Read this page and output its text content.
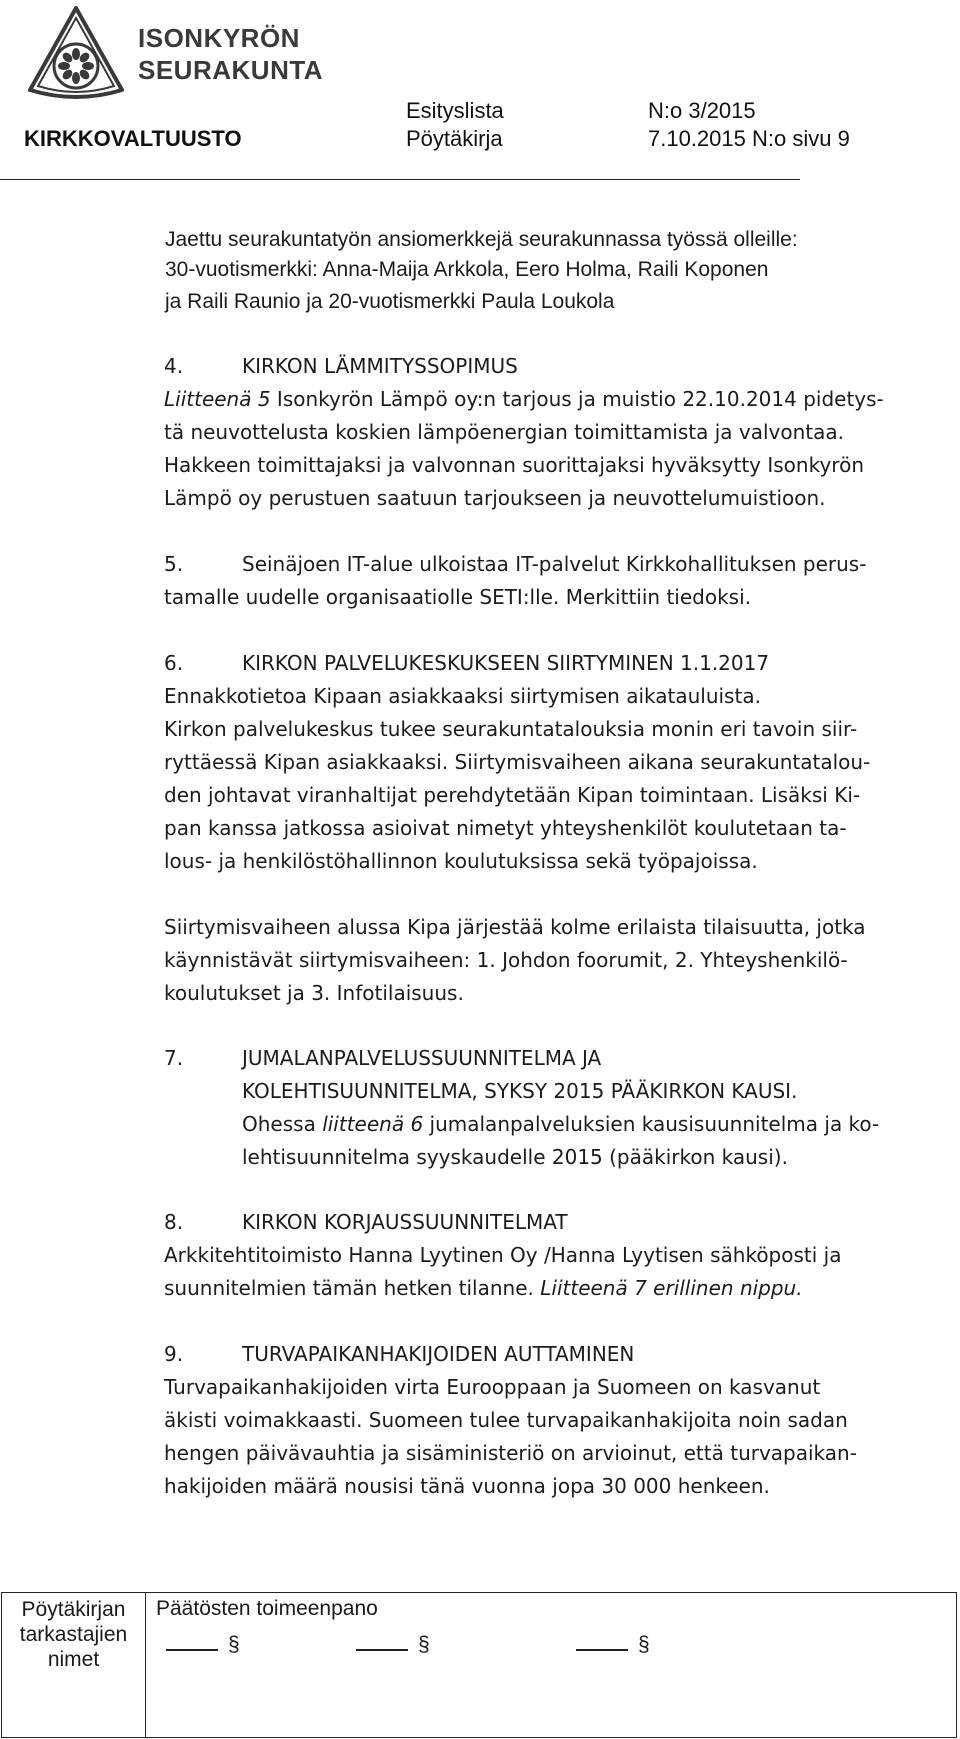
ISONKYRÖN
SEURAKUNTA
Esityslista	N:o 3/2015
KIRKKOVALTUUSTO	Pöytäkirja	7.10.2015 N:o sivu 9
Jaettu seurakuntatyön ansiomerkkejä seurakunnassa työssä olleille:
30-vuotismerkki: Anna-Maija Arkkola, Eero Holma, Raili Koponen
ja Raili Raunio ja 20-vuotismerkki Paula Loukola
4.	KIRKON LÄMMITYSSOPIMUS
Liitteenä 5 Isonkyrön Lämpö oy:n tarjous ja muistio 22.10.2014 pidetys-
tä neuvottelusta koskien lämpöenergian toimittamista ja valvontaa.
Hakkeen toimittajaksi ja valvonnan suorittajaksi hyväksytty Isonkyrön
Lämpö oy perustuen saatuun tarjoukseen ja neuvottelumuistioon.
5.	Seinäjoen IT-alue ulkoistaa IT-palvelut Kirkkohallituksen perus-
tamalle uudelle organisaatiolle SETI:lle. Merkittiin tiedoksi.
6.	KIRKON PALVELUKESKUKSEEN SIIRTYMINEN 1.1.2017
Ennakkotietoa Kipaan asiakkaaksi siirtymisen aikatauluista.
Kirkon palvelukeskus tukee seurakuntatalouksia monin eri tavoin siir-
ryttäessä Kipan asiakkaaksi. Siirtymisvaiheen aikana seurakuntatalou-
den johtavat viranhaltijat perehdytetään Kipan toimintaan. Lisäksi Ki-
pan kanssa jatkossa asioivat nimetyt yhteyshenkilöt koulutetaan ta-
lous- ja henkilöstöhallinnon koulutuksissa sekä työpajoissa.
Siirtymisvaiheen alussa Kipa järjestää kolme erilaista tilaisuutta, jotka
käynnistävät siirtymisvaiheen: 1. Johdon foorumit, 2. Yhteyshenkilö-
koulutukset ja 3. Infotilaisuus.
7.	JUMALANPALVELUSSUUNNITELMA JA
KOLEHTISUUNNITELMA, SYKSY 2015 PÄÄKIRKON KAUSI.
Ohessa liitteenä 6 jumalanpalveluksien kausisuunnitelma ja ko-
lehtisuunnitelma syyskaudelle 2015 (pääkirkon kausi).
8.	KIRKON KORJAUSSUUNNITELMAT
Arkkitehtitoimisto Hanna Lyytinen Oy /Hanna Lyytisen sähköposti ja
suunnitelmien tämän hetken tilanne. Liitteenä 7 erillinen nippu.
9.	TURVAPAIKANHAKIJOIDEN AUTTAMINEN
Turvapaikanhakijoiden virta Eurooppaan ja Suomeen on kasvanut
äkisti voimakkaasti. Suomeen tulee turvapaikanhakijoita noin sadan
hengen päivävauhtia ja sisäministeriö on arvioinut, että turvapaikan-
hakijoiden määrä nousisi tänä vuonna jopa 30 000 henkeen.
Pöytäkirjan
tarkastajien
nimet

Päätösten toimeenpano
§	§	§
